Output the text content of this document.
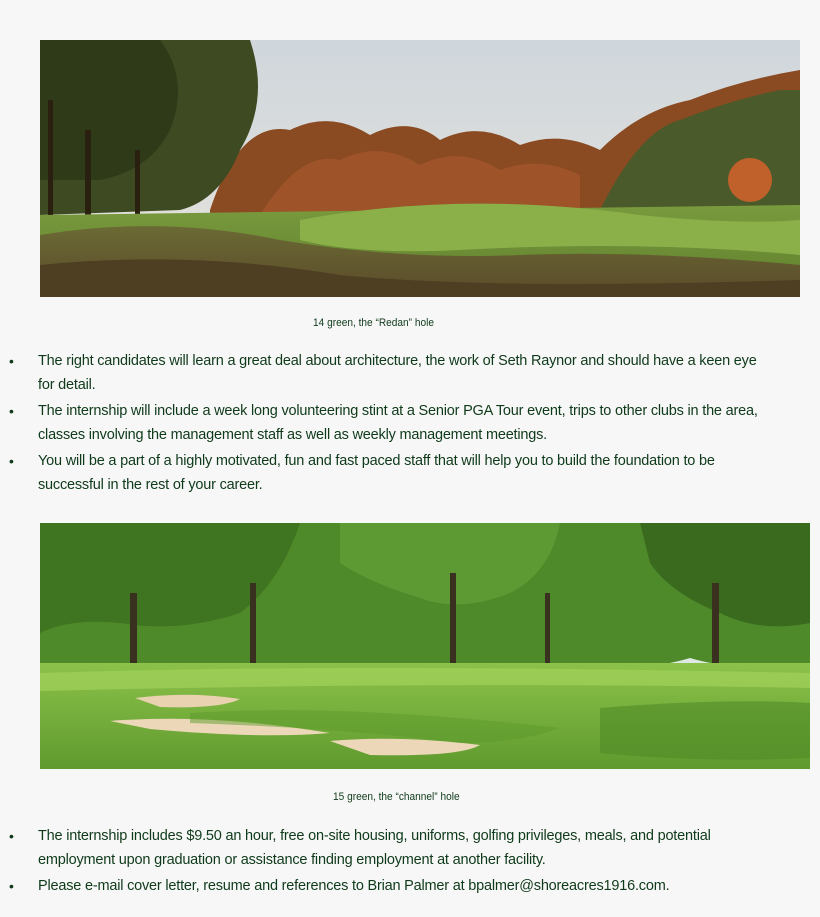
14 green, the “Redan” hole
• The right candidates will learn a great deal about architecture, the work of Seth Raynor and should have a keen eye for detail.
• The internship will include a week long volunteering stint at a Senior PGA Tour event, trips to other clubs in the area, classes involving the management staff as well as weekly management meetings.
• You will be a part of a highly motivated, fun and fast paced staff that will help you to build the foundation to be successful in the rest of your career.
15 green, the “channel” hole
• The internship includes $9.50 an hour, free on-site housing, uniforms, golfing privileges, meals, and potential employment upon graduation or assistance finding employment at another facility.
• Please e-mail cover letter, resume and references to Brian Palmer at bpalmer@shoreacres1916.com.
